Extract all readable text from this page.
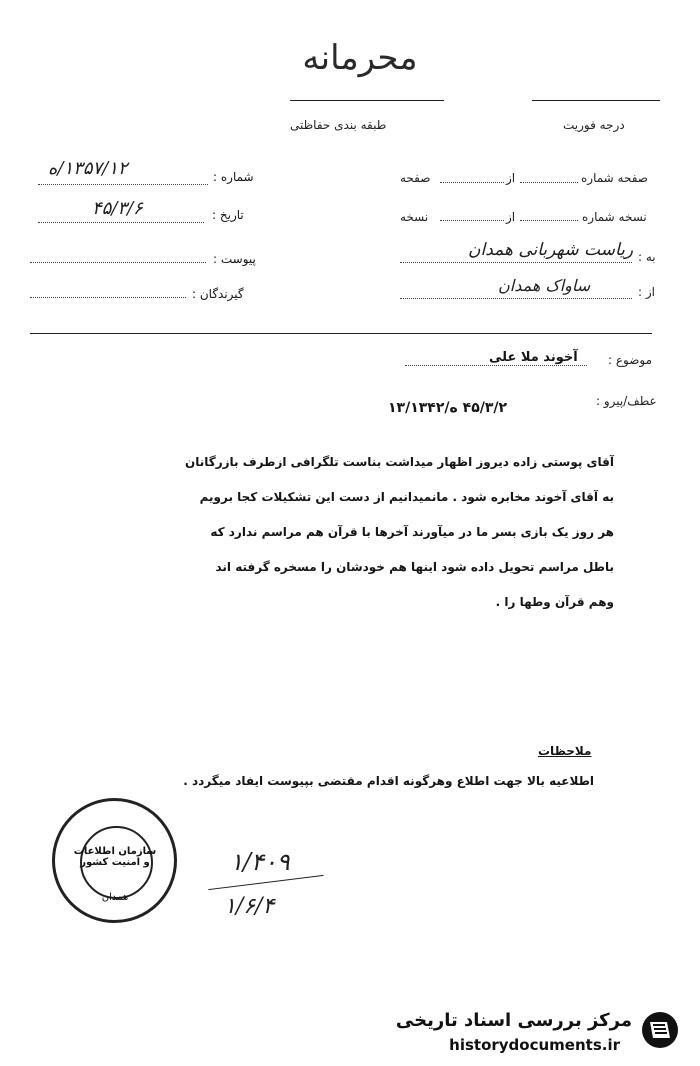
محرمانه
درجه فوریت
طبقه بندی حفاظتی
شماره :
۱۳۵۷/۱۲/ه
تاریخ :
۴۵/۳/۶
پیوست :
گیرندگان :
صفحه شماره
از
صفحه
نسخه شماره
از
نسخه
به :
ریاست شهربانی همدان
از :
ساواک همدان
موضوع :
آخوند ملا علی
عطف/پیرو :
۴۵/۳/۲ ه/۱۳/۱۳۴۲
آقای پوستی زاده دیروز اظهار میداشت بناست تلگرافی ازطرف بازرگانان
به آقای آخوند مخابره شود . مانمیدانیم از دست این تشکیلات کجا برویم
هر روز یک بازی بسر ما در میآورند آخرها با قرآن هم مراسم ندارد که
باطل مراسم تحویل داده شود اینها هم خودشان را مسخره گرفته اند
وهم قرآن وطها را .
ملاحظات
اطلاعیه بالا جهت اطلاع وهرگونه اقدام مقتضی بپیوست ایفاد میگردد .
سازمان اطلاعات و امنیت کشور
همدان
۱/۴۰۹
۱/۶/۴
مرکز بررسی اسناد تاریخی
historydocuments.ir
